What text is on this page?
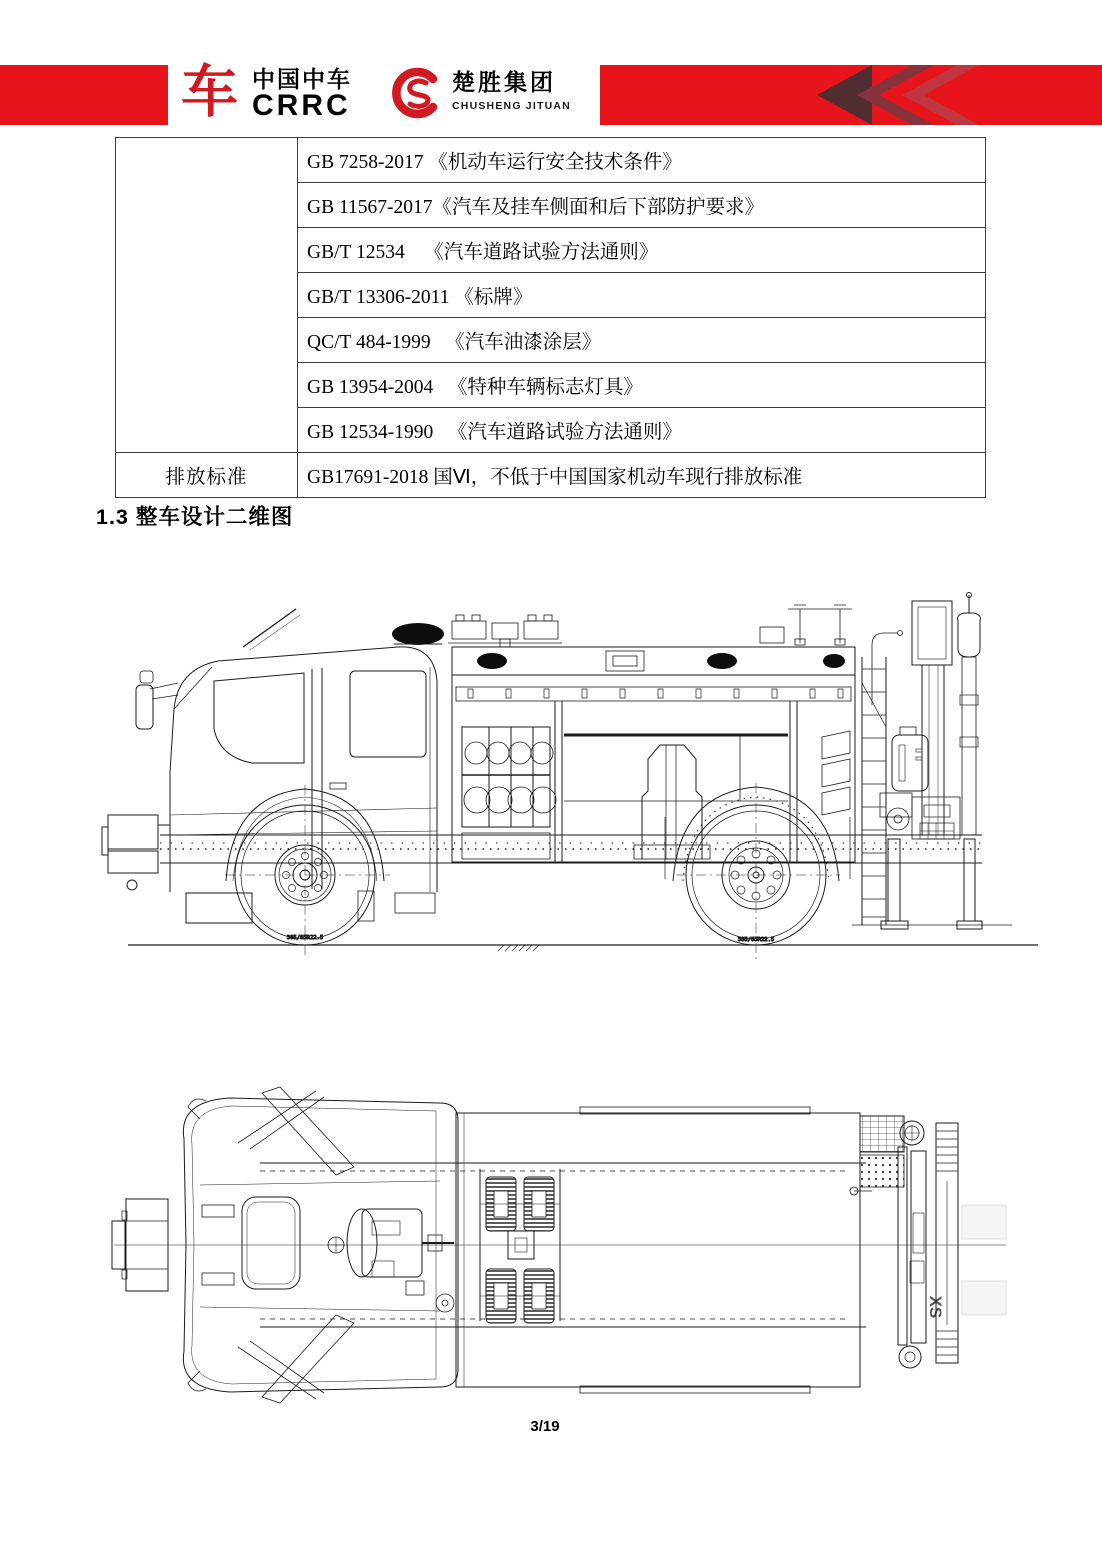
车 中国中车
CRRC
楚胜集团
CHUSHENG JITUAN
	GB 7258-2017 《机动车运行安全技术条件》
	GB 11567-2017《汽车及挂车侧面和后下部防护要求》
	GB/T 12534    《汽车道路试验方法通则》
	GB/T 13306-2011 《标牌》
	QC/T 484-1999   《汽车油漆涂层》
	GB 13954-2004   《特种车辆标志灯具》
	GB 12534-1990   《汽车道路试验方法通则》
排放标准	GB17691-2018 国Ⅵ，不低于中国国家机动车现行排放标准
1.3 整车设计二维图
385/65R22.5	385/65R22.5
XS
3/19
